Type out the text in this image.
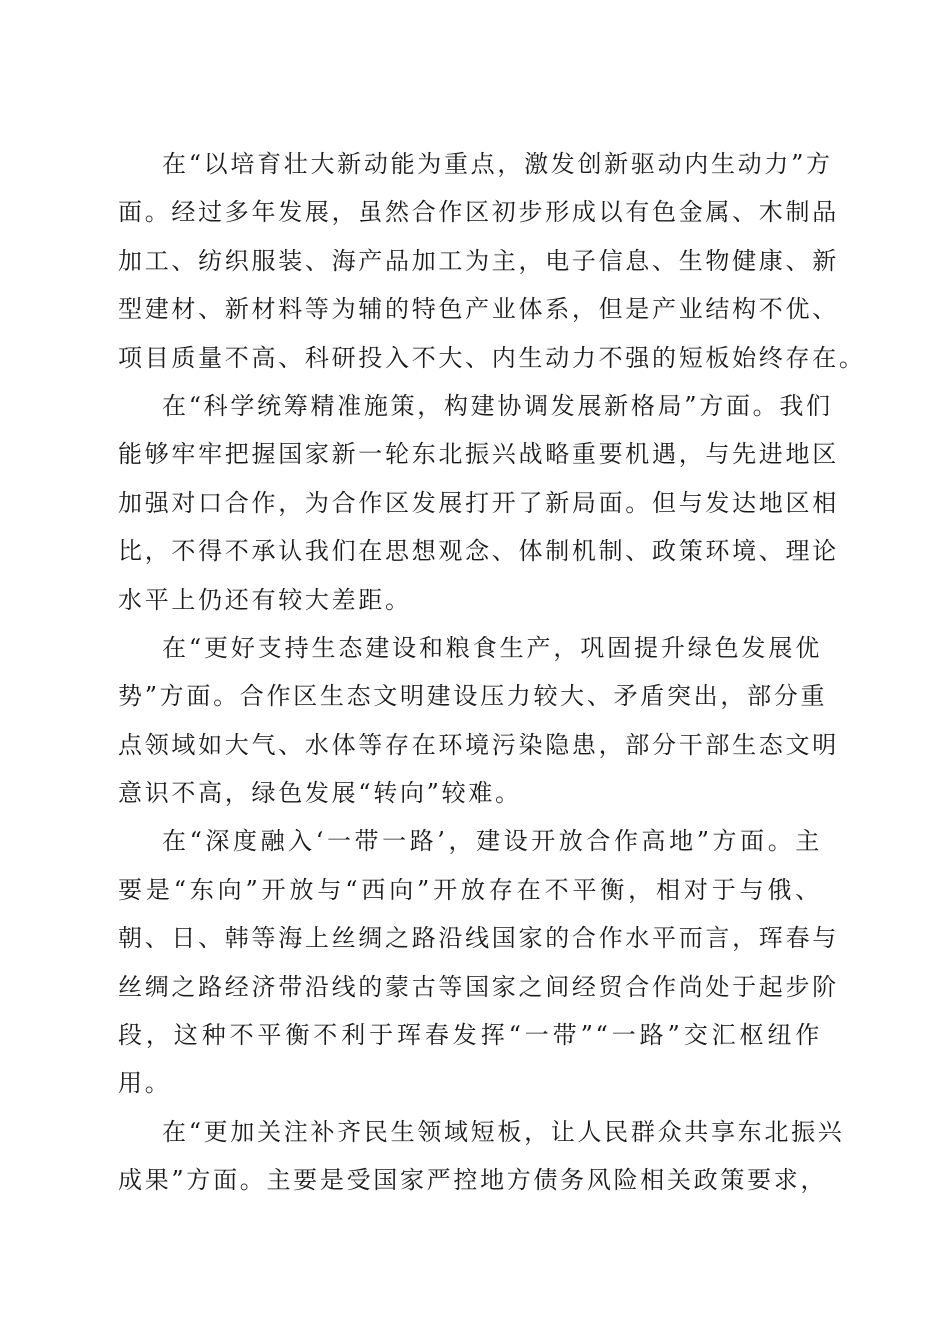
在“以培育壮大新动能为重点，激发创新驱动内生动力”方
面。经过多年发展，虽然合作区初步形成以有色金属、木制品
加工、纺织服装、海产品加工为主，电子信息、生物健康、新
型建材、新材料等为辅的特色产业体系，但是产业结构不优、
项目质量不高、科研投入不大、内生动力不强的短板始终存在。
在“科学统筹精准施策，构建协调发展新格局”方面。我们
能够牢牢把握国家新一轮东北振兴战略重要机遇，与先进地区
加强对口合作，为合作区发展打开了新局面。但与发达地区相
比，不得不承认我们在思想观念、体制机制、政策环境、理论
水平上仍还有较大差距。
在“更好支持生态建设和粮食生产，巩固提升绿色发展优
势”方面。合作区生态文明建设压力较大、矛盾突出，部分重
点领域如大气、水体等存在环境污染隐患，部分干部生态文明
意识不高，绿色发展“转向”较难。
在“深度融入‘一带一路’，建设开放合作高地”方面。主
要是“东向”开放与“西向”开放存在不平衡，相对于与俄、
朝、日、韩等海上丝绸之路沿线国家的合作水平而言，珲春与
丝绸之路经济带沿线的蒙古等国家之间经贸合作尚处于起步阶
段，这种不平衡不利于珲春发挥“一带”“一路”交汇枢纽作
用。
在“更加关注补齐民生领域短板，让人民群众共享东北振兴
成果”方面。主要是受国家严控地方债务风险相关政策要求，
